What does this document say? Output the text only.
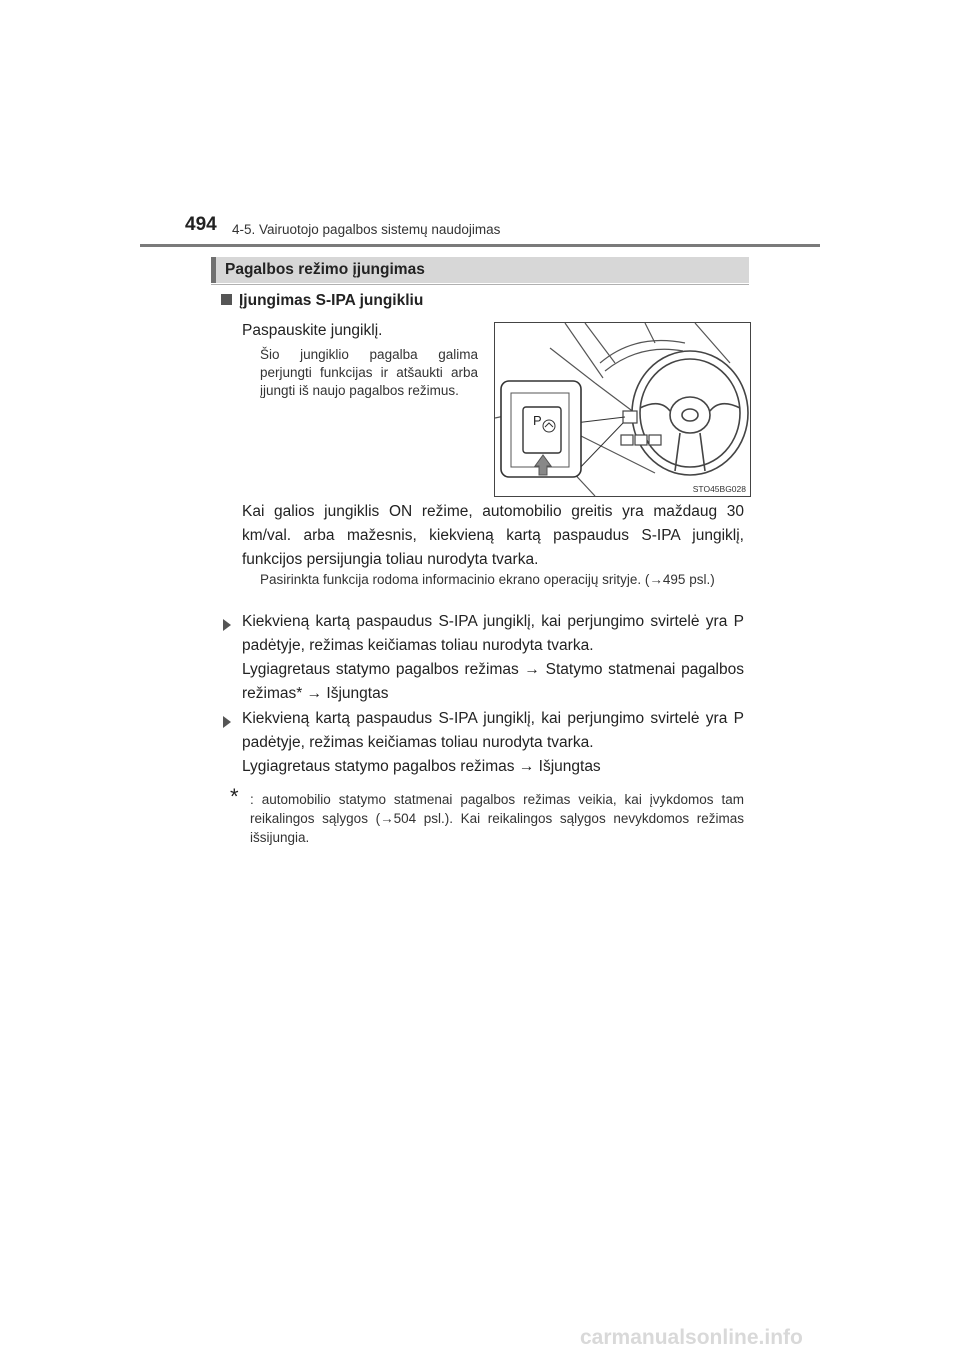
494 4-5. Vairuotojo pagalbos sistemų naudojimas
Pagalbos režimo įjungimas
Įjungimas S-IPA jungikliu
Paspauskite jungiklį.
Šio jungiklio pagalba galima perjungti funkcijas ir atšaukti arba įjungti iš naujo pagalbos režimus.
P
STO45BG028
Kai galios jungiklis ON režime, automobilio greitis yra maždaug 30 km/val. arba mažesnis, kiekvieną kartą paspaudus S-IPA jungiklį, funkcijos persijungia toliau nurodyta tvarka.
Pasirinkta funkcija rodoma informacinio ekrano operacijų srityje. (→495 psl.)
Kiekvieną kartą paspaudus S-IPA jungiklį, kai perjungimo svirtelė yra P padėtyje, režimas keičiamas toliau nurodyta tvarka.
Lygiagretaus statymo pagalbos režimas → Statymo statmenai pagalbos režimas* → Išjungtas
Kiekvieną kartą paspaudus S-IPA jungiklį, kai perjungimo svirtelė yra P padėtyje, režimas keičiamas toliau nurodyta tvarka.
Lygiagretaus statymo pagalbos režimas → Išjungtas
* : automobilio statymo statmenai pagalbos režimas veikia, kai įvykdomos tam reikalingos sąlygos (→504 psl.). Kai reikalingos sąlygos nevykdomos režimas išsijungia.
carmanualsonline.info
